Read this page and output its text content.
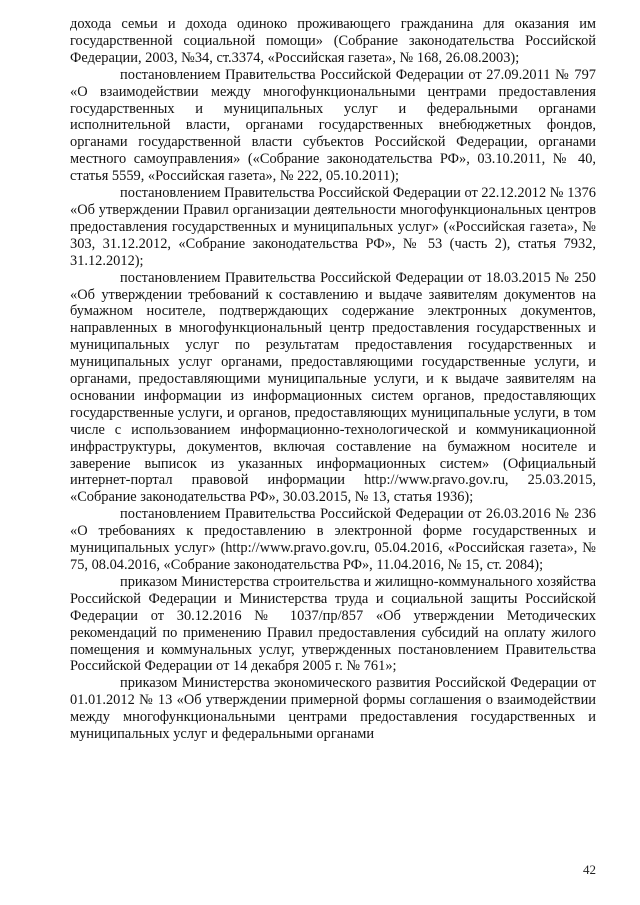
дохода семьи и дохода одиноко проживающего гражданина для оказания им государственной социальной помощи» (Собрание законодательства Российской Федерации, 2003, №34, ст.3374, «Российская газета», № 168, 26.08.2003);

постановлением Правительства Российской Федерации от 27.09.2011 № 797 «О взаимодействии между многофункциональными центрами предоставления государственных и муниципальных услуг и федеральными органами исполнительной власти, органами государственных внебюджетных фондов, органами государственной власти субъектов Российской Федерации, органами местного самоуправления» («Собрание законодательства РФ», 03.10.2011, № 40, статья 5559, «Российская газета», № 222, 05.10.2011);

постановлением Правительства Российской Федерации от 22.12.2012 № 1376 «Об утверждении Правил организации деятельности многофункциональных центров предоставления государственных и муниципальных услуг» («Российская газета», № 303, 31.12.2012, «Собрание законодательства РФ», № 53 (часть 2), статья 7932, 31.12.2012);

постановлением Правительства Российской Федерации от 18.03.2015 № 250 «Об утверждении требований к составлению и выдаче заявителям документов на бумажном носителе, подтверждающих содержание электронных документов, направленных в многофункциональный центр предоставления государственных и муниципальных услуг по результатам предоставления государственных и муниципальных услуг органами, предоставляющими государственные услуги, и органами, предоставляющими муниципальные услуги, и к выдаче заявителям на основании информации из информационных систем органов, предоставляющих государственные услуги, и органов, предоставляющих муниципальные услуги, в том числе с использованием информационно-технологической и коммуникационной инфраструктуры, документов, включая составление на бумажном носителе и заверение выписок из указанных информационных систем» (Официальный интернет-портал правовой информации http://www.pravo.gov.ru, 25.03.2015, «Собрание законодательства РФ», 30.03.2015, № 13, статья 1936);

постановлением Правительства Российской Федерации от 26.03.2016 № 236 «О требованиях к предоставлению в электронной форме государственных и муниципальных услуг» (http://www.pravo.gov.ru, 05.04.2016, «Российская газета», № 75, 08.04.2016, «Собрание законодательства РФ», 11.04.2016, № 15, ст. 2084);

приказом Министерства строительства и жилищно-коммунального хозяйства Российской Федерации и Министерства труда и социальной защиты Российской Федерации от 30.12.2016 № 1037/пр/857 «Об утверждении Методических рекомендаций по применению Правил предоставления субсидий на оплату жилого помещения и коммунальных услуг, утвержденных постановлением Правительства Российской Федерации от 14 декабря 2005 г. № 761»;

приказом Министерства экономического развития Российской Федерации от 01.01.2012 № 13 «Об утверждении примерной формы соглашения о взаимодействии между многофункциональными центрами предоставления государственных и муниципальных услуг и федеральными органами

42
